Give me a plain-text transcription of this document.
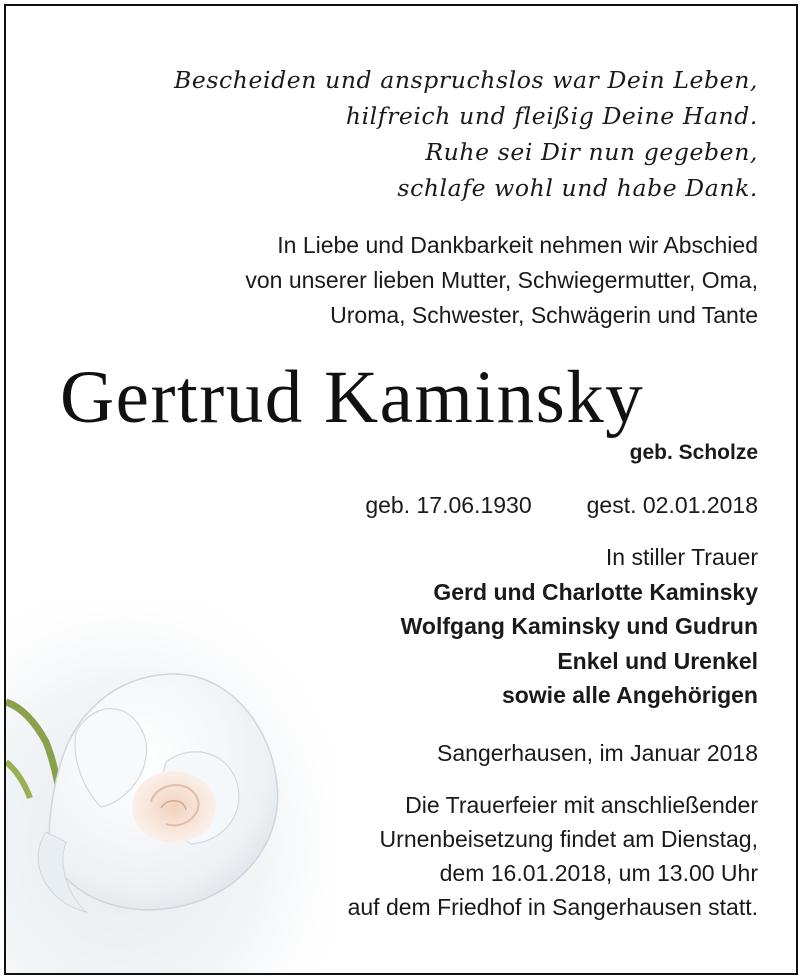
Bescheiden und anspruchslos war Dein Leben,
hilfreich und fleißig Deine Hand.
Ruhe sei Dir nun gegeben,
schlafe wohl und habe Dank.
In Liebe und Dankbarkeit nehmen wir Abschied
von unserer lieben Mutter, Schwiegermutter, Oma,
Uroma, Schwester, Schwägerin und Tante
Gertrud Kaminsky
geb. Scholze
geb. 17.06.1930 gest. 02.01.2018
In stiller Trauer
Gerd und Charlotte Kaminsky
Wolfgang Kaminsky und Gudrun
Enkel und Urenkel
sowie alle Angehörigen
Sangerhausen, im Januar 2018
Die Trauerfeier mit anschließender
Urnenbeisetzung findet am Dienstag,
dem 16.01.2018, um 13.00 Uhr
auf dem Friedhof in Sangerhausen statt.
